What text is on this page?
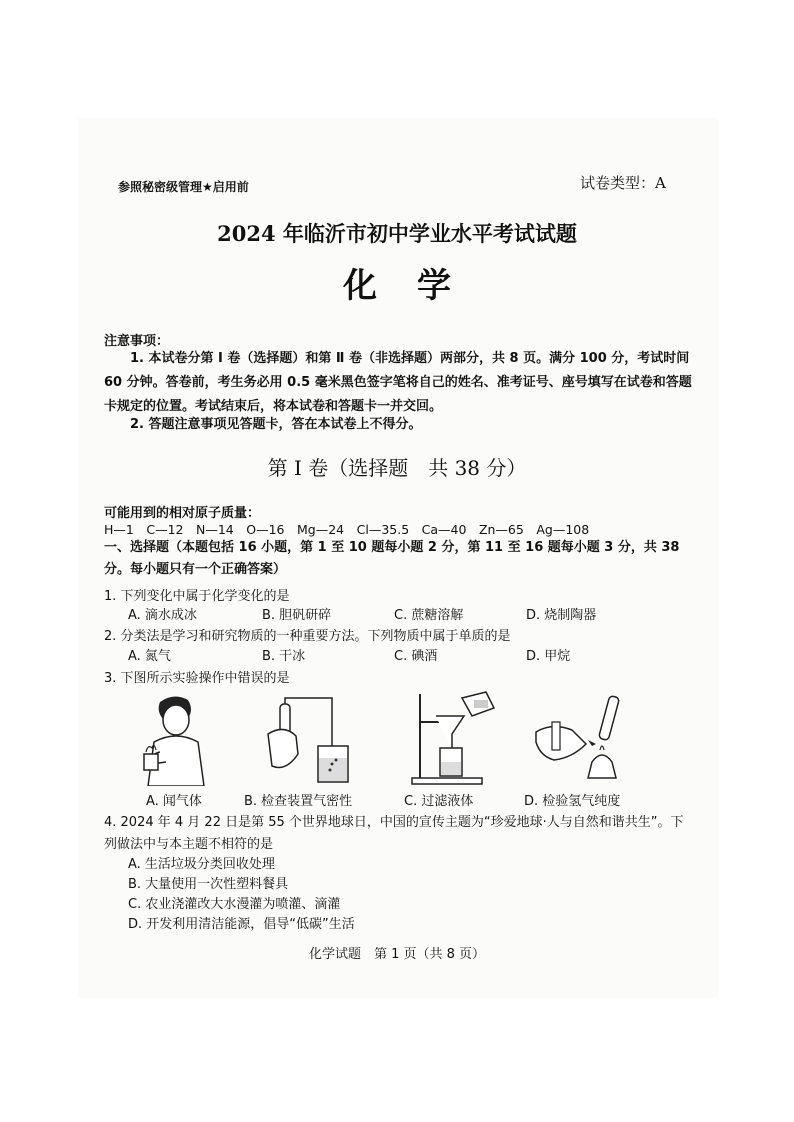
参照秘密级管理★启用前	试卷类型：A
2024 年临沂市初中学业水平考试试题
化学
注意事项：
1. 本试卷分第 Ⅰ 卷（选择题）和第 Ⅱ 卷（非选择题）两部分，共 8 页。满分 100 分，考试时间 60 分钟。答卷前，考生务必用 0.5 毫米黑色签字笔将自己的姓名、准考证号、座号填写在试卷和答题卡规定的位置。考试结束后，将本试卷和答题卡一并交回。
2. 答题注意事项见答题卡，答在本试卷上不得分。
第 Ⅰ 卷（选择题　共 38 分）
可能用到的相对原子质量：
H—1　C—12　N—14　O—16　Mg—24　Cl—35.5　Ca—40　Zn—65　Ag—108
一、选择题（本题包括 16 小题，第 1 至 10 题每小题 2 分，第 11 至 16 题每小题 3 分，共 38 分。每小题只有一个正确答案）
1. 下列变化中属于化学变化的是
A. 滴水成冰	B. 胆矾研碎	C. 蔗糖溶解	D. 烧制陶器
2. 分类法是学习和研究物质的一种重要方法。下列物质中属于单质的是
A. 氮气	B. 干冰	C. 碘酒	D. 甲烷
3. 下图所示实验操作中错误的是
A. 闻气体	B. 检查装置气密性	C. 过滤液体	D. 检验氢气纯度
4. 2024 年 4 月 22 日是第 55 个世界地球日，中国的宣传主题为“珍爱地球·人与自然和谐共生”。下列做法中与本主题不相符的是
A. 生活垃圾分类回收处理
B. 大量使用一次性塑料餐具
C. 农业浇灌改大水漫灌为喷灌、滴灌
D. 开发利用清洁能源，倡导“低碳”生活
化学试题　第 1 页（共 8 页）
